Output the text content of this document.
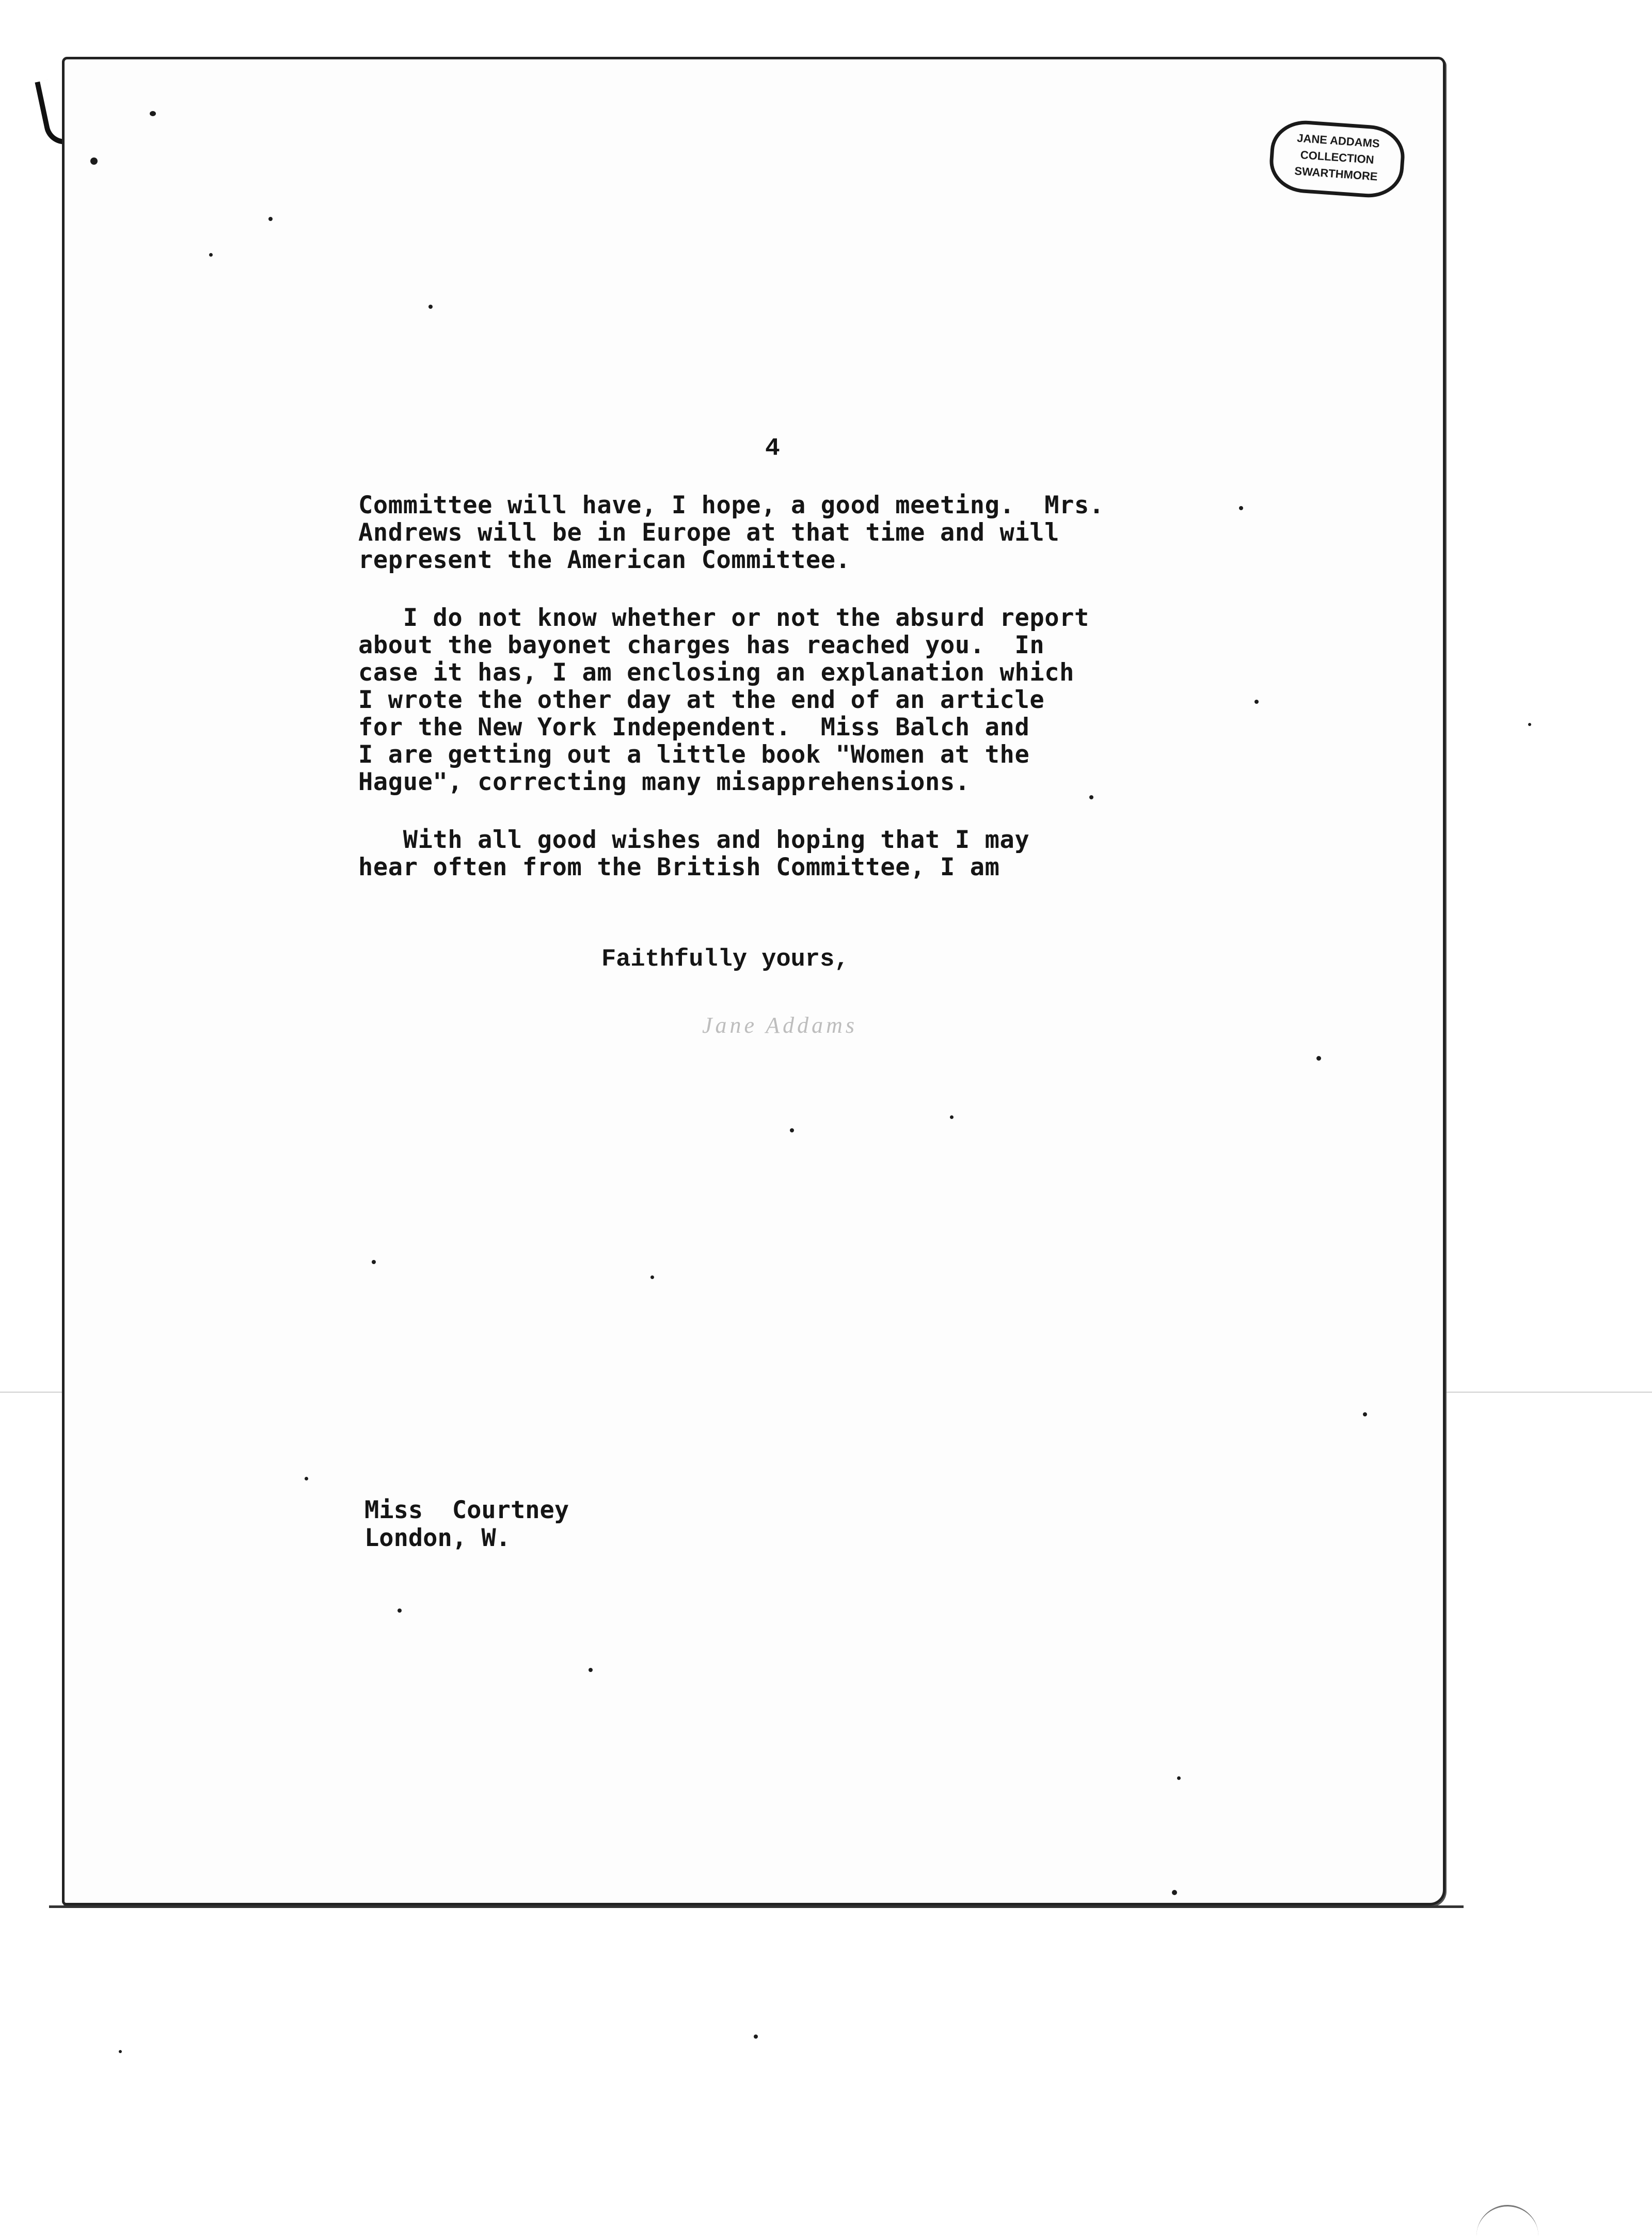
JANE ADDAMS
COLLECTION
SWARTHMORE
4
Committee will have, I hope, a good meeting.  Mrs.
Andrews will be in Europe at that time and will
represent the American Committee.
I do not know whether or not the absurd report
about the bayonet charges has reached you.  In
case it has, I am enclosing an explanation which
I wrote the other day at the end of an article
for the New York Independent.  Miss Balch and
I are getting out a little book "Women at the
Hague", correcting many misapprehensions.
With all good wishes and hoping that I may
hear often from the British Committee, I am
Faithfully yours,
Jane Addams
Miss  Courtney
London, W.
